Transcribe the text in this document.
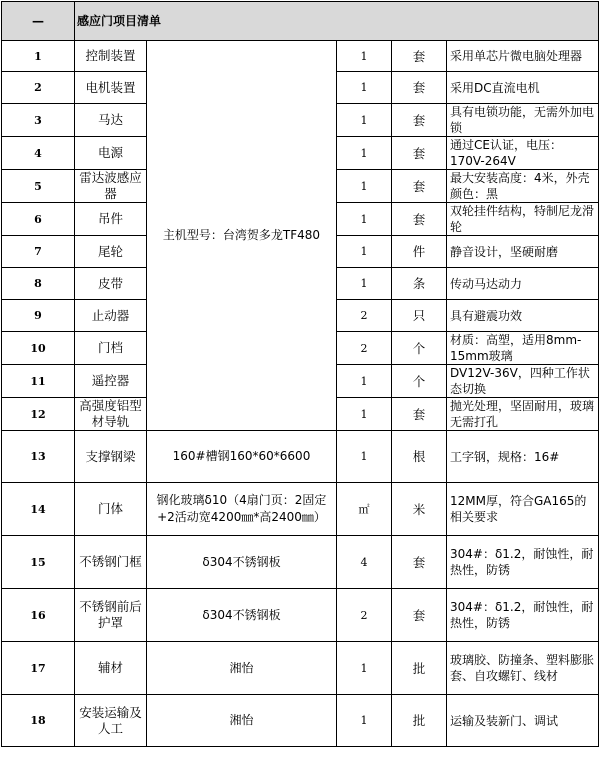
—	感应门项目清单				
1	控制装置	主机型号：台湾贺多龙TF480	1	套	采用单芯片微电脑处理器
2	电机装置		1	套	采用DC直流电机
3	马达		1	套	具有电锁功能，无需外加电锁
4	电源		1	套	通过CE认证，电压：170V-264V
5	雷达波感应器		1	套	最大安装高度：4米，外壳颜色：黑
6	吊件		1	套	双轮挂件结构，特制尼龙滑轮
7	尾轮		1	件	静音设计，坚硬耐磨
8	皮带		1	条	传动马达动力
9	止动器		2	只	具有避震功效
10	门档		2	个	材质：高塑，适用8mm-15mm玻璃
11	遥控器		1	个	DV12V-36V，四种工作状态切换
12	高强度铝型材导轨		1	套	抛光处理，坚固耐用，玻璃无需打孔
13	支撑钢梁	160#槽钢160*60*6600	1	根	工字钢，规格：16#
14	门体	钢化玻璃δ10（4扇门页：2固定+2活动宽4200㎜*高2400㎜）	㎡	米	12MM厚，符合GA165的相关要求
15	不锈钢门框	δ304不锈钢板	4	套	304#：δ1.2，耐蚀性，耐热性，防锈
16	不锈钢前后护罩	δ304不锈钢板	2	套	304#：δ1.2，耐蚀性，耐热性，防锈
17	辅材	湘怡	1	批	玻璃胶、防撞条、塑料膨胀套、自攻螺钉、线材
18	安装运输及人工	湘怡	1	批	运输及装新门、调试
